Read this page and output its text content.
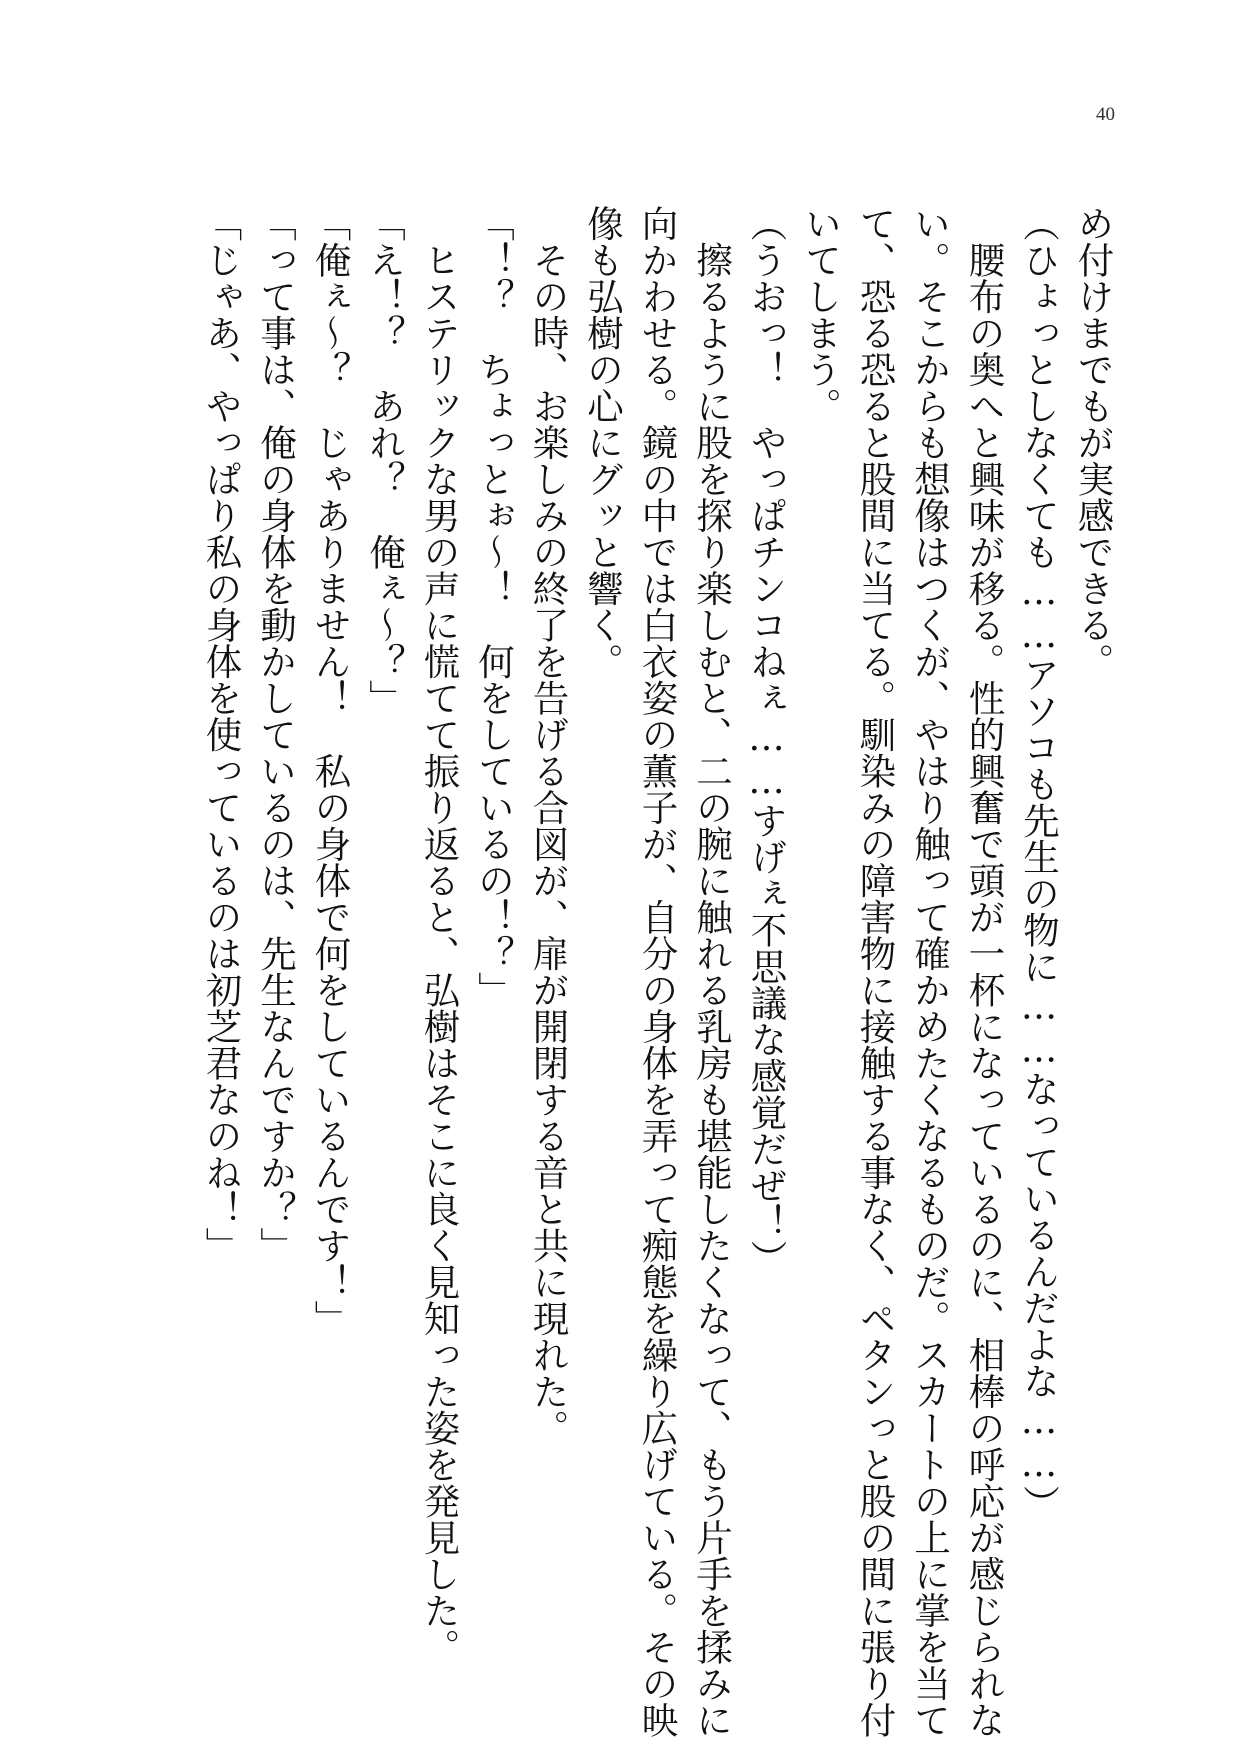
40
め付けまでもが実感できる。
（ひょっとしなくても……アソコも先生の物に……なっているんだよな……）
　腰布の奥へと興味が移る。性的興奮で頭が一杯になっているのに、相棒の呼応が感じられな
い。そこからも想像はつくが、やはり触って確かめたくなるものだ。スカートの上に掌を当て
て、恐る恐ると股間に当てる。馴染みの障害物に接触する事なく、ペタンっと股の間に張り付
いてしまう。
（うおっ！　やっぱチンコねぇ……すげぇ不思議な感覚だぜ！）
　擦るように股を探り楽しむと、二の腕に触れる乳房も堪能したくなって、もう片手を揉みに
向かわせる。鏡の中では白衣姿の薫子が、自分の身体を弄って痴態を繰り広げている。その映
像も弘樹の心にグッと響く。
　その時、お楽しみの終了を告げる合図が、扉が開閉する音と共に現れた。
「！？　ちょっとぉ～！　何をしているの！？」
　ヒステリックな男の声に慌てて振り返ると、弘樹はそこに良く見知った姿を発見した。
「え！？　あれ？　俺ぇ～？」
「俺ぇ～？　じゃありません！　私の身体で何をしているんです！」
「って事は、俺の身体を動かしているのは、先生なんですか？」
「じゃあ、やっぱり私の身体を使っているのは初芝君なのね！」
